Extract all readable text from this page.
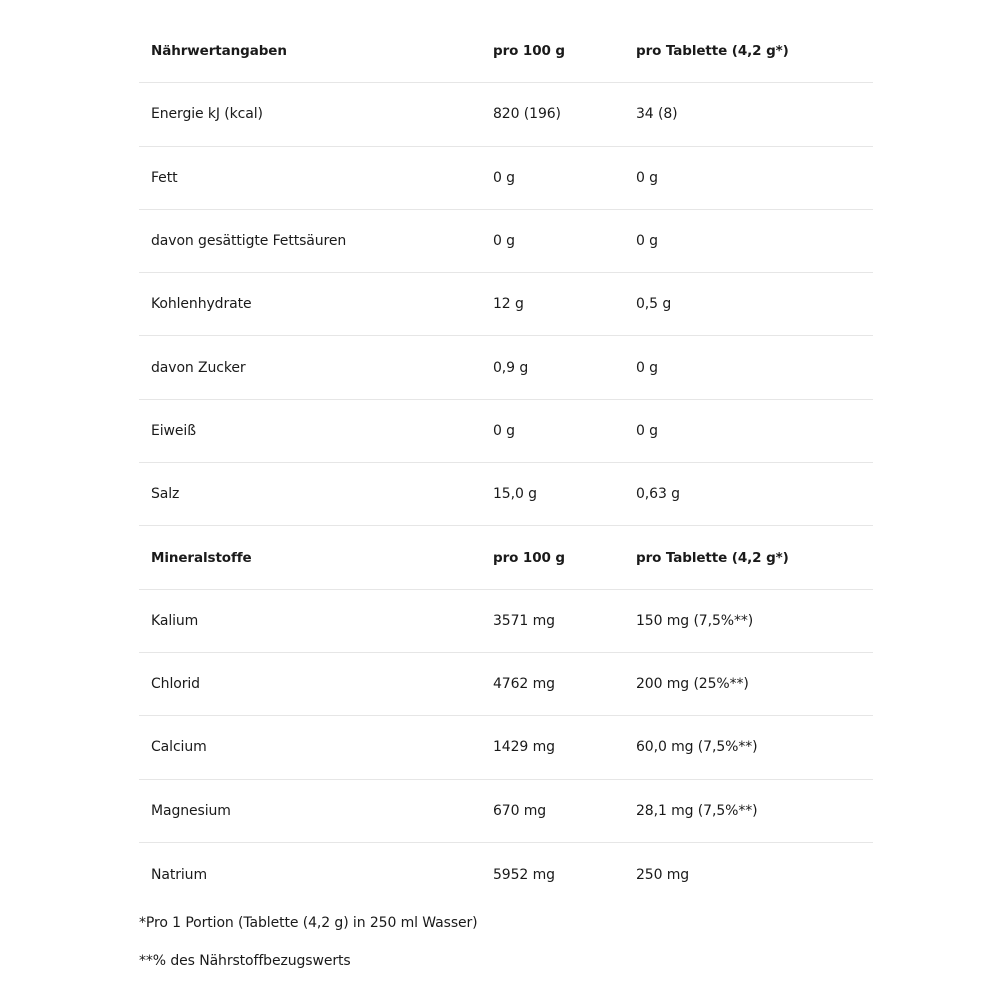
Nährwertangaben	pro 100 g	pro Tablette (4,2 g*)
Energie kJ (kcal)	820 (196)	34 (8)
Fett	0 g	0 g
davon gesättigte Fettsäuren	0 g	0 g
Kohlenhydrate	12 g	0,5 g
davon Zucker	0,9 g	0 g
Eiweiß	0 g	0 g
Salz	15,0 g	0,63 g
Mineralstoffe	pro 100 g	pro Tablette (4,2 g*)
Kalium	3571 mg	150 mg (7,5%**)
Chlorid	4762 mg	200 mg (25%**)
Calcium	1429 mg	60,0 mg (7,5%**)
Magnesium	670 mg	28,1 mg (7,5%**)
Natrium	5952 mg	250 mg
*Pro 1 Portion (Tablette (4,2 g) in 250 ml Wasser)
**% des Nährstoffbezugswerts
